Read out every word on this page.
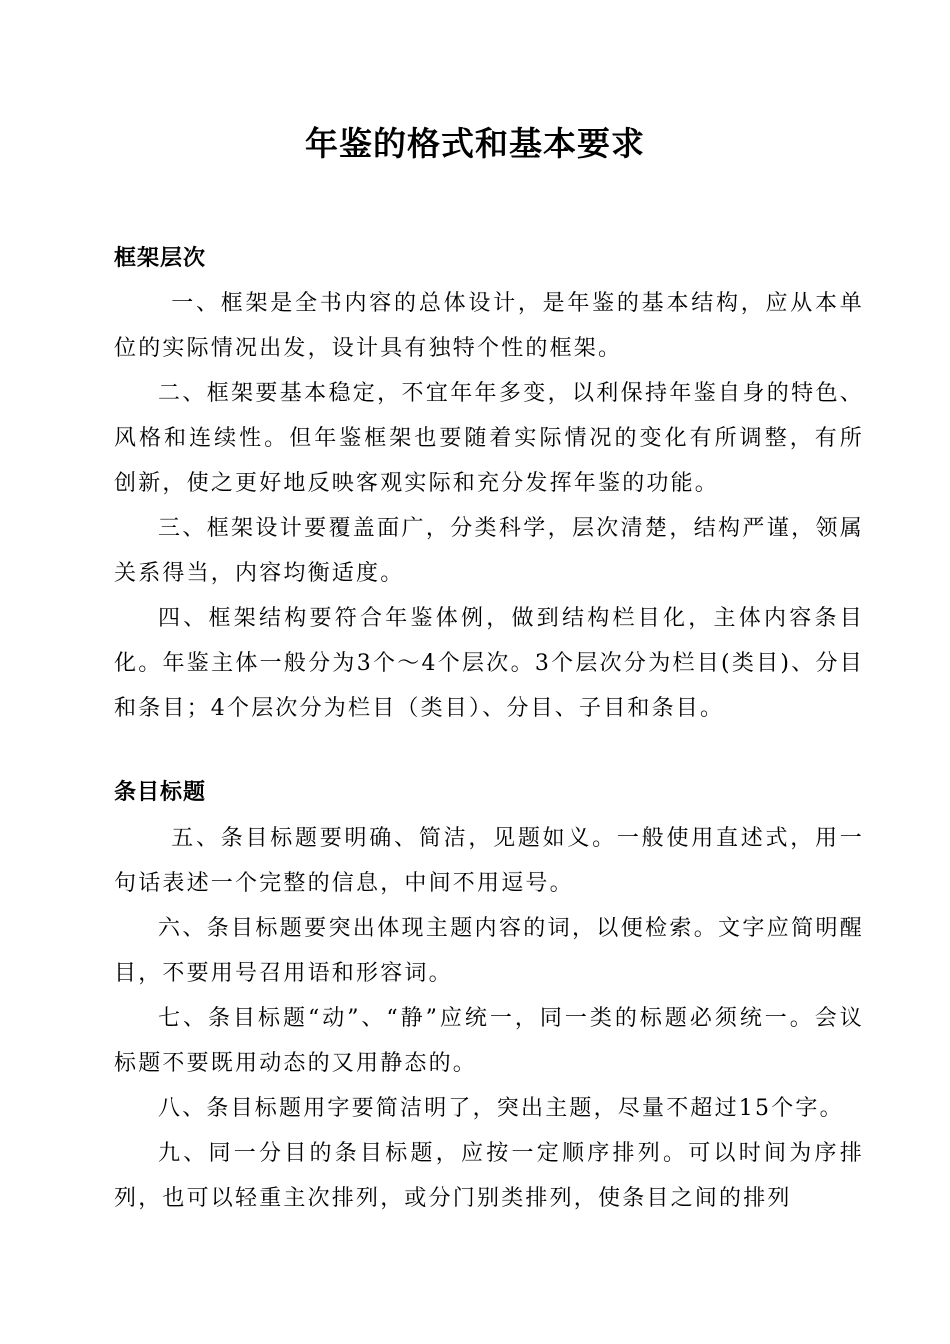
年鉴的格式和基本要求
框架层次

一、框架是全书内容的总体设计，是年鉴的基本结构，应从本单位的实际情况出发，设计具有独特个性的框架。

二、框架要基本稳定，不宜年年多变，以利保持年鉴自身的特色、风格和连续性。但年鉴框架也要随着实际情况的变化有所调整，有所创新，使之更好地反映客观实际和充分发挥年鉴的功能。

三、框架设计要覆盖面广，分类科学，层次清楚，结构严谨，领属关系得当，内容均衡适度。

四、框架结构要符合年鉴体例，做到结构栏目化，主体内容条目化。年鉴主体一般分为3个～4个层次。3个层次分为栏目(类目)、分目和条目；4个层次分为栏目（类目）、分目、子目和条目。

条目标题

五、条目标题要明确、简洁，见题如义。一般使用直述式，用一句话表述一个完整的信息，中间不用逗号。

六、条目标题要突出体现主题内容的词，以便检索。文字应简明醒目，不要用号召用语和形容词。

七、条目标题“动”、“静”应统一，同一类的标题必须统一。会议标题不要既用动态的又用静态的。

八、条目标题用字要简洁明了，突出主题，尽量不超过15个字。

九、同一分目的条目标题，应按一定顺序排列。可以时间为序排列，也可以轻重主次排列，或分门别类排列，使条目之间的排列
